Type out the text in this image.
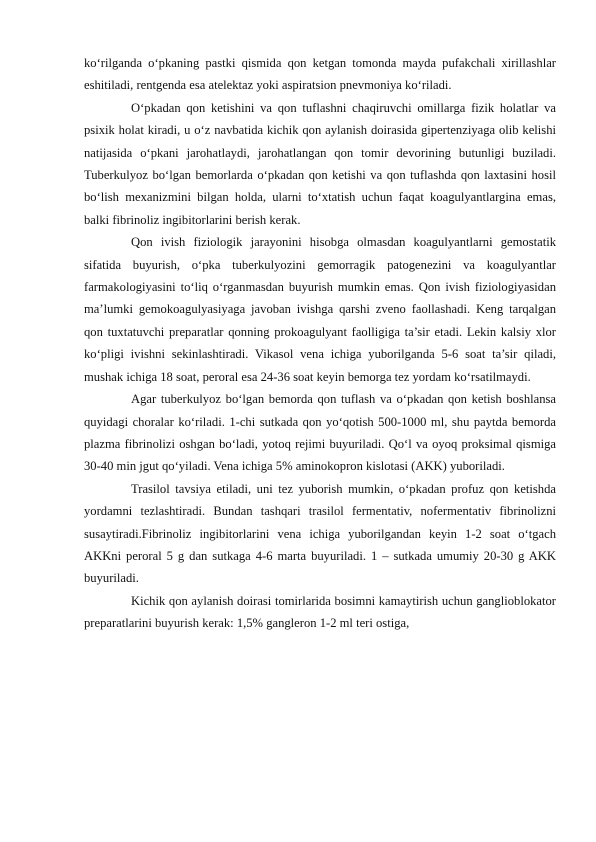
ko‘rilganda o‘pkaning pastki qismida qon ketgan tomonda mayda pufakchali xirillashlar eshitiladi, rentgenda esa atelektaz yoki aspiratsion pnevmoniya ko‘riladi.

O‘pkadan qon ketishini va qon tuflashni chaqiruvchi omillarga fizik holatlar va psixik holat kiradi, u o‘z navbatida kichik qon aylanish doirasida gipertenziyaga olib kelishi natijasida o‘pkani jarohatlaydi, jarohatlangan qon tomir devorining butunligi buziladi. Tuberkulyoz bo‘lgan bemorlarda o‘pkadan qon ketishi va qon tuflashda qon laxtasini hosil bo‘lish mexanizmini bilgan holda, ularni to‘xtatish uchun faqat koagulyantlargina emas, balki fibrinoliz ingibitorlarini berish kerak.

Qon ivish fiziologik jarayonini hisobga olmasdan koagulyantlarni gemostatik sifatida buyurish, o‘pka tuberkulyozini gemorragik patogenezini va koagulyantlar farmakologiyasini to‘liq o‘rganmasdan buyurish mumkin emas. Qon ivish fiziologiyasidan ma’lumki gemokoagulyasiyaga javoban ivishga qarshi zveno faollashadi. Keng tarqalgan qon tuxtatuvchi preparatlar qonning prokoagulyant faolligiga ta’sir etadi. Lekin kalsiy xlor ko‘pligi ivishni sekinlashtiradi. Vikasol vena ichiga yuborilganda 5-6 soat ta’sir qiladi, mushak ichiga 18 soat, peroral esa 24-36 soat keyin bemorga tez yordam ko‘rsatilmaydi.

Agar tuberkulyoz bo‘lgan bemorda qon tuflash va o‘pkadan qon ketish boshlansa quyidagi choralar ko‘riladi. 1-chi sutkada qon yo‘qotish 500-1000 ml, shu paytda bemorda plazma fibrinolizi oshgan bo‘ladi, yotoq rejimi buyuriladi. Qo‘l va oyoq proksimal qismiga 30-40 min jgut qo‘yiladi. Vena ichiga 5% aminokopron kislotasi (AKK) yuboriladi.

Trasilol tavsiya etiladi, uni tez yuborish mumkin, o‘pkadan profuz qon ketishda yordamni tezlashtiradi. Bundan tashqari trasilol fermentativ, nofermentativ fibrinolizni susaytiradi.Fibrinoliz ingibitorlarini vena ichiga yuborilgandan keyin 1-2 soat o‘tgach AKKni peroral 5 g dan sutkaga 4-6 marta buyuriladi. 1 – sutkada umumiy 20-30 g AKK buyuriladi.

Kichik qon aylanish doirasi tomirlarida bosimni kamaytirish uchun ganglioblokator preparatlarini buyurish kerak: 1,5% gangleron 1-2 ml teri ostiga,
